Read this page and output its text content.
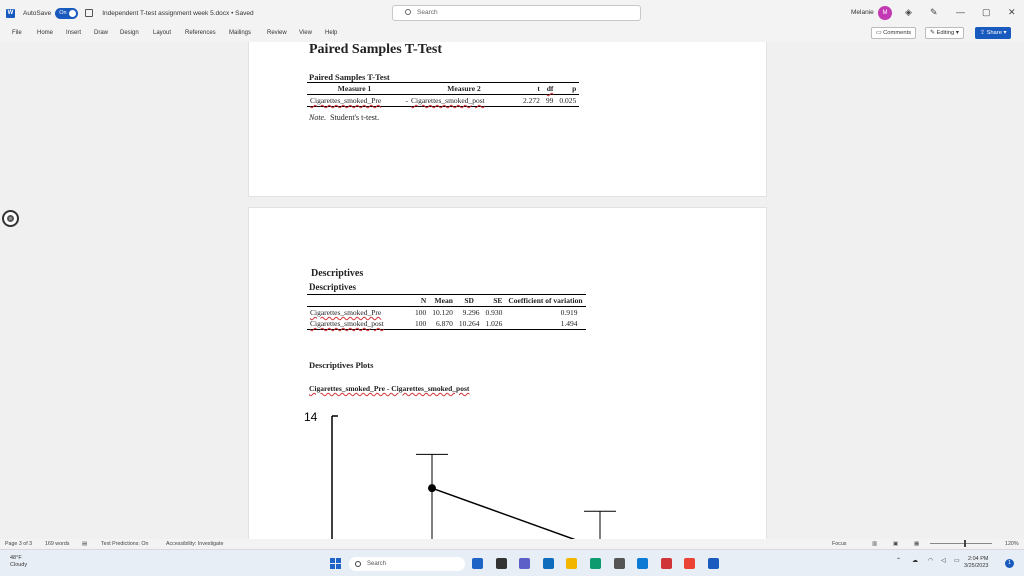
W AutoSave	On	Independent T-test assignment week 5.docx • Saved	Search	Melanie	M	◈ ✎ — ▢ ✕
File	Home Insert Draw Design Layout References Mailings	Review View Help	▭ Comments	✎ Editing ▾	⇪ Share ▾
Paired Samples T-Test
Paired Samples T-Test
Measure 1		Measure 2	t	df	p
Cigarettes_smoked_Pre	-	Cigarettes_smoked_post	2.272	99	0.025
Note. Student's t-test.
Descriptives
Descriptives
	N	Mean	SD	SE	Coefficient of variation
Cigarettes_smoked_Pre	100	10.120	9.296	0.930	0.919
Cigarettes_smoked_post	100	6.870	10.264	1.026	1.494
Descriptives Plots
Cigarettes_smoked_Pre - Cigarettes_smoked_post
14
6
Page 3 of 3 169 words ▤	Text Predictions: On	Accessibility: Investigate	Focus	▥	▣	▦	120%
48°F
Cloudy	Search	⌃ ☁ ◠ ◁ ▭	2:04 PM
3/25/2023	1
